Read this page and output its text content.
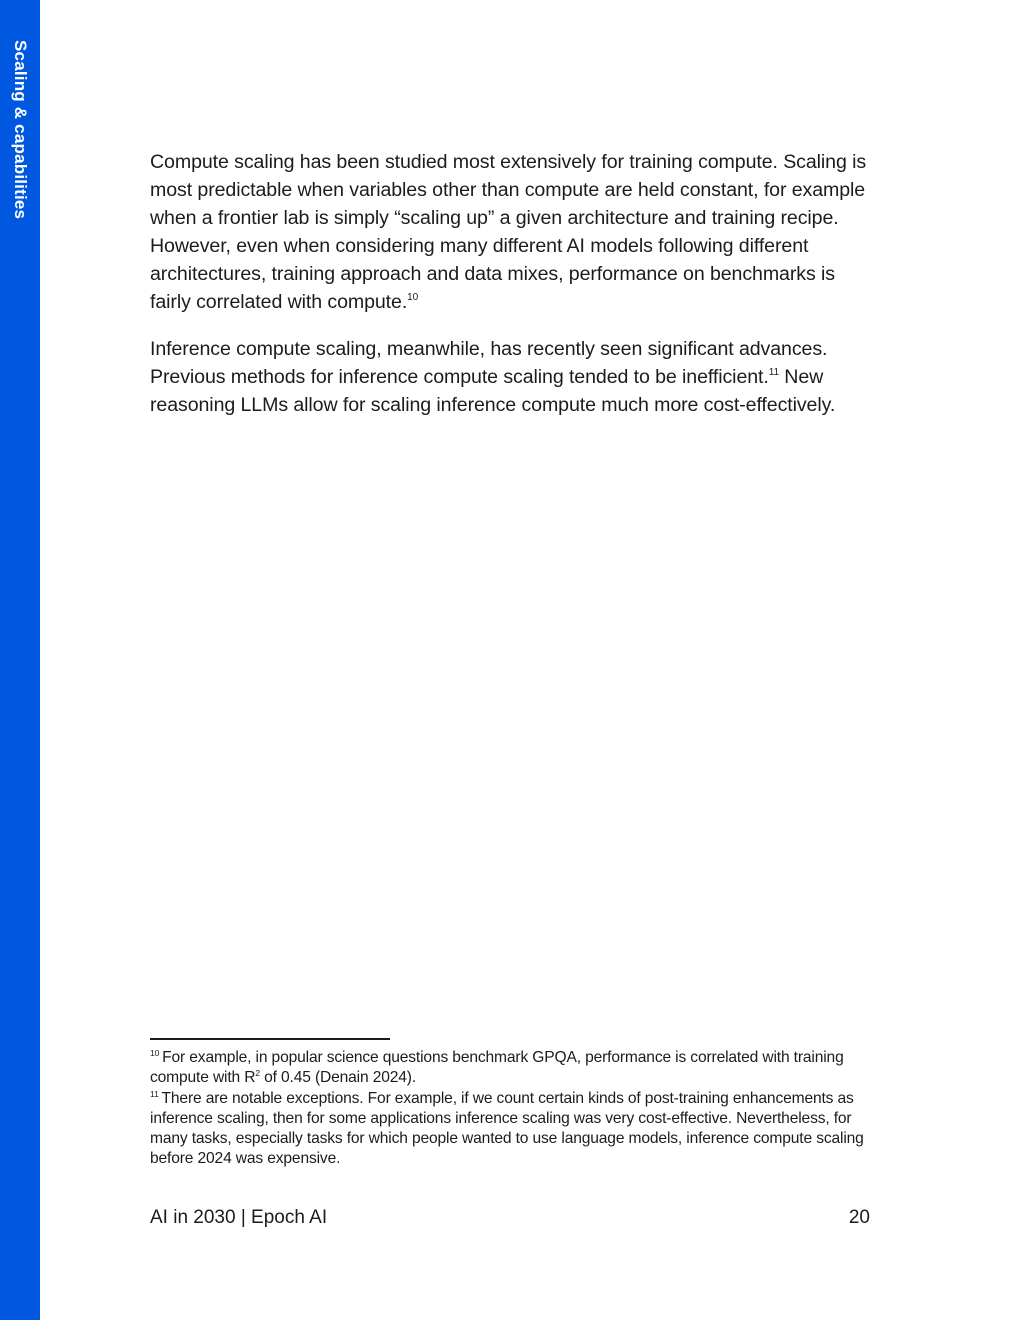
Scaling & capabilities	Compute scaling has been studied most extensively for training compute. Scaling is most predictable when variables other than compute are held constant, for example when a frontier lab is simply “scaling up” a given architecture and training recipe. However, even when considering many different AI models following different architectures, training approach and data mixes, performance on benchmarks is fairly correlated with compute.$^{10}$

Inference compute scaling, meanwhile, has recently seen significant advances. Previous methods for inference compute scaling tended to be inefficient.$^{11}$ New reasoning LLMs allow for scaling inference compute much more cost-effectively.

$^{10}$ For example, in popular science questions benchmark GPQA, performance is correlated with training compute with R$^2$ of 0.45 (Denain 2024).

$^{11}$ There are notable exceptions. For example, if we count certain kinds of post-training enhancements as inference scaling, then for some applications inference scaling was very cost-effective. Nevertheless, for many tasks, especially tasks for which people wanted to use language models, inference compute scaling before 2024 was expensive.

AI in 2030 | Epoch AI	20
